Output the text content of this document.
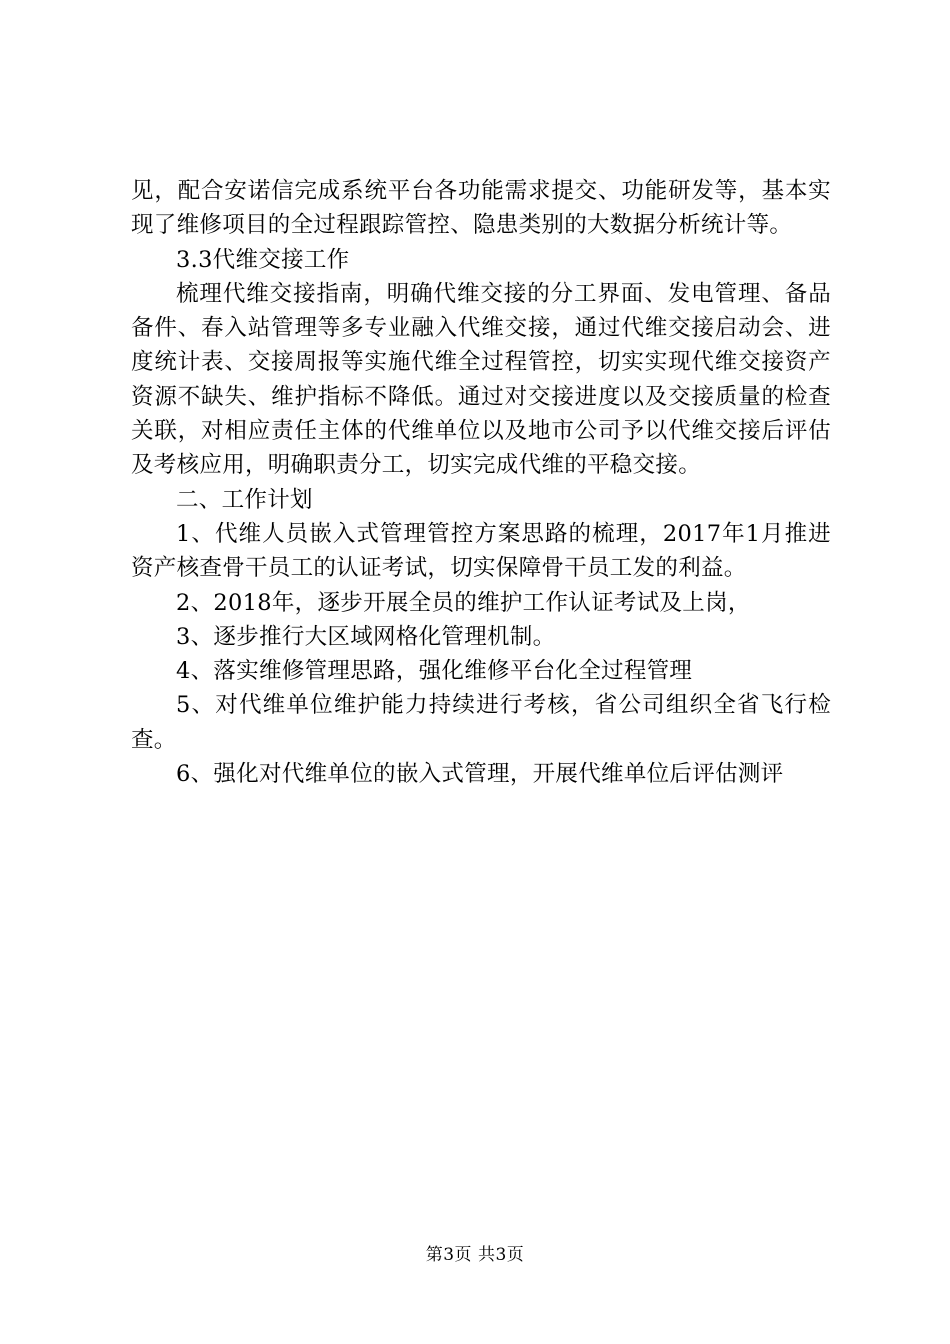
见，配合安诺信完成系统平台各功能需求提交、功能研发等，基本实现了维修项目的全过程跟踪管控、隐患类别的大数据分析统计等。

3.3代维交接工作

梳理代维交接指南，明确代维交接的分工界面、发电管理、备品备件、春入站管理等多专业融入代维交接，通过代维交接启动会、进度统计表、交接周报等实施代维全过程管控，切实实现代维交接资产资源不缺失、维护指标不降低。通过对交接进度以及交接质量的检查关联，对相应责任主体的代维单位以及地市公司予以代维交接后评估及考核应用，明确职责分工，切实完成代维的平稳交接。

二、工作计划

1、代维人员嵌入式管理管控方案思路的梳理，2017年1月推进资产核查骨干员工的认证考试，切实保障骨干员工发的利益。

2、2018年，逐步开展全员的维护工作认证考试及上岗，

3、逐步推行大区域网格化管理机制。

4、落实维修管理思路，强化维修平台化全过程管理

5、对代维单位维护能力持续进行考核，省公司组织全省飞行检查。

6、强化对代维单位的嵌入式管理，开展代维单位后评估测评

第3页 共3页
